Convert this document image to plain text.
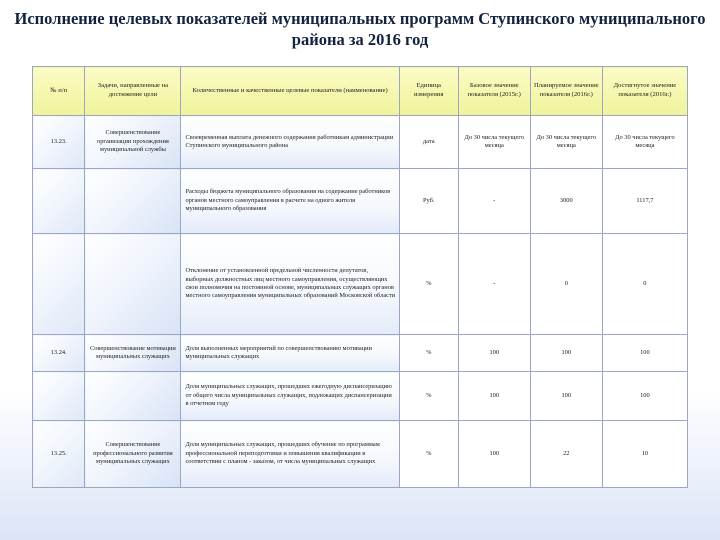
Исполнение целевых показателей муниципальных программ Ступинского муниципального района за 2016 год
№ п/п	Задачи, направленные на достижение цели	Количественные и качественные целевые показатели (наименование)	Единица измерения	Базовое значение показателя (2015г.)	Планируемое значение показателя (2016г.)	Достигнутое значение показателя (2016г.)
13.23.	Совершенствование организации прохождения муниципальной службы	Своевременная выплата денежного содержания работникам администрации Ступинского муниципального района	дата	До 30 числа текущего месяца	До 30 числа текущего месяца	До 30 числа текущего месяца
		Расходы бюджета муниципального образования на содержание работников органов местного самоуправления в расчете на одного жителя муниципального образования	Руб.	-	3000	1117,7
		Отклонение от установленной предельной численности депутатов, выборных должностных лиц местного самоуправления, осуществляющих свои полномочия на постоянной основе, муниципальных служащих органов местного самоуправления муниципальных образований Московской области	%	-	0	0
13.24.	Совершенствование мотивации муниципальных служащих	Доля выполненных мероприятий по совершенствованию мотивации муниципальных служащих	%	100	100	100
		Доля муниципальных служащих, прошедших ежегодную диспансеризацию от общего числа муниципальных служащих, подлежащих диспансеризации в отчетном году	%	100	100	100
13.25.	Совершенствование профессионального развития муниципальных служащих	Доля муниципальных служащих, прошедших обучение по программам профессиональной переподготовки и повышения квалификации в соответствии с планом - заказом, от числа муниципальных служащих	%	100	22	10
